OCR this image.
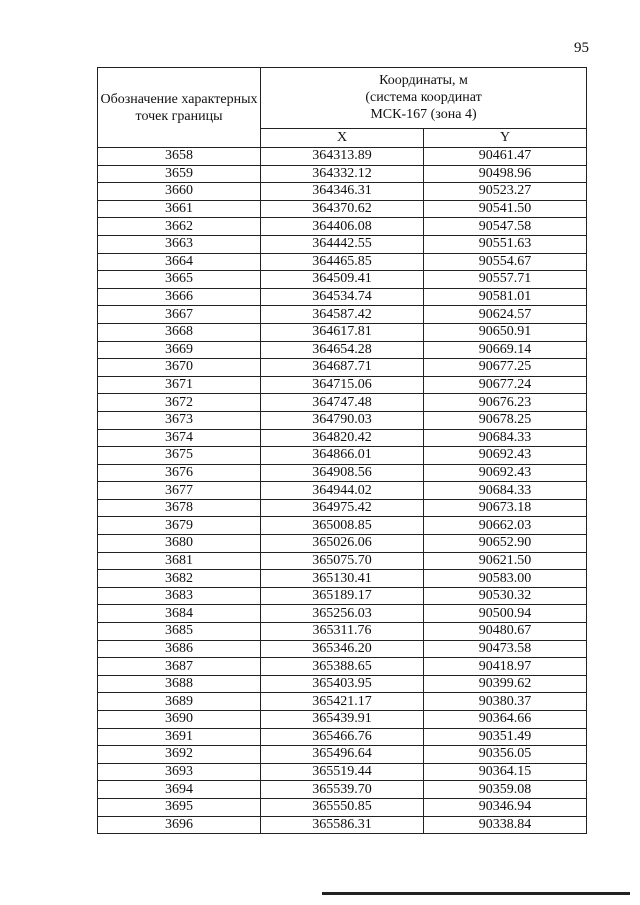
95
Обозначение характерных точек границы	Координаты, м
(система координат
МСК-167 (зона 4)	

	X	Y
3658	364313.89	90461.47
3659	364332.12	90498.96
3660	364346.31	90523.27
3661	364370.62	90541.50
3662	364406.08	90547.58
3663	364442.55	90551.63
3664	364465.85	90554.67
3665	364509.41	90557.71
3666	364534.74	90581.01
3667	364587.42	90624.57
3668	364617.81	90650.91
3669	364654.28	90669.14
3670	364687.71	90677.25
3671	364715.06	90677.24
3672	364747.48	90676.23
3673	364790.03	90678.25
3674	364820.42	90684.33
3675	364866.01	90692.43
3676	364908.56	90692.43
3677	364944.02	90684.33
3678	364975.42	90673.18
3679	365008.85	90662.03
3680	365026.06	90652.90
3681	365075.70	90621.50
3682	365130.41	90583.00
3683	365189.17	90530.32
3684	365256.03	90500.94
3685	365311.76	90480.67
3686	365346.20	90473.58
3687	365388.65	90418.97
3688	365403.95	90399.62
3689	365421.17	90380.37
3690	365439.91	90364.66
3691	365466.76	90351.49
3692	365496.64	90356.05
3693	365519.44	90364.15
3694	365539.70	90359.08
3695	365550.85	90346.94
3696	365586.31	90338.84
